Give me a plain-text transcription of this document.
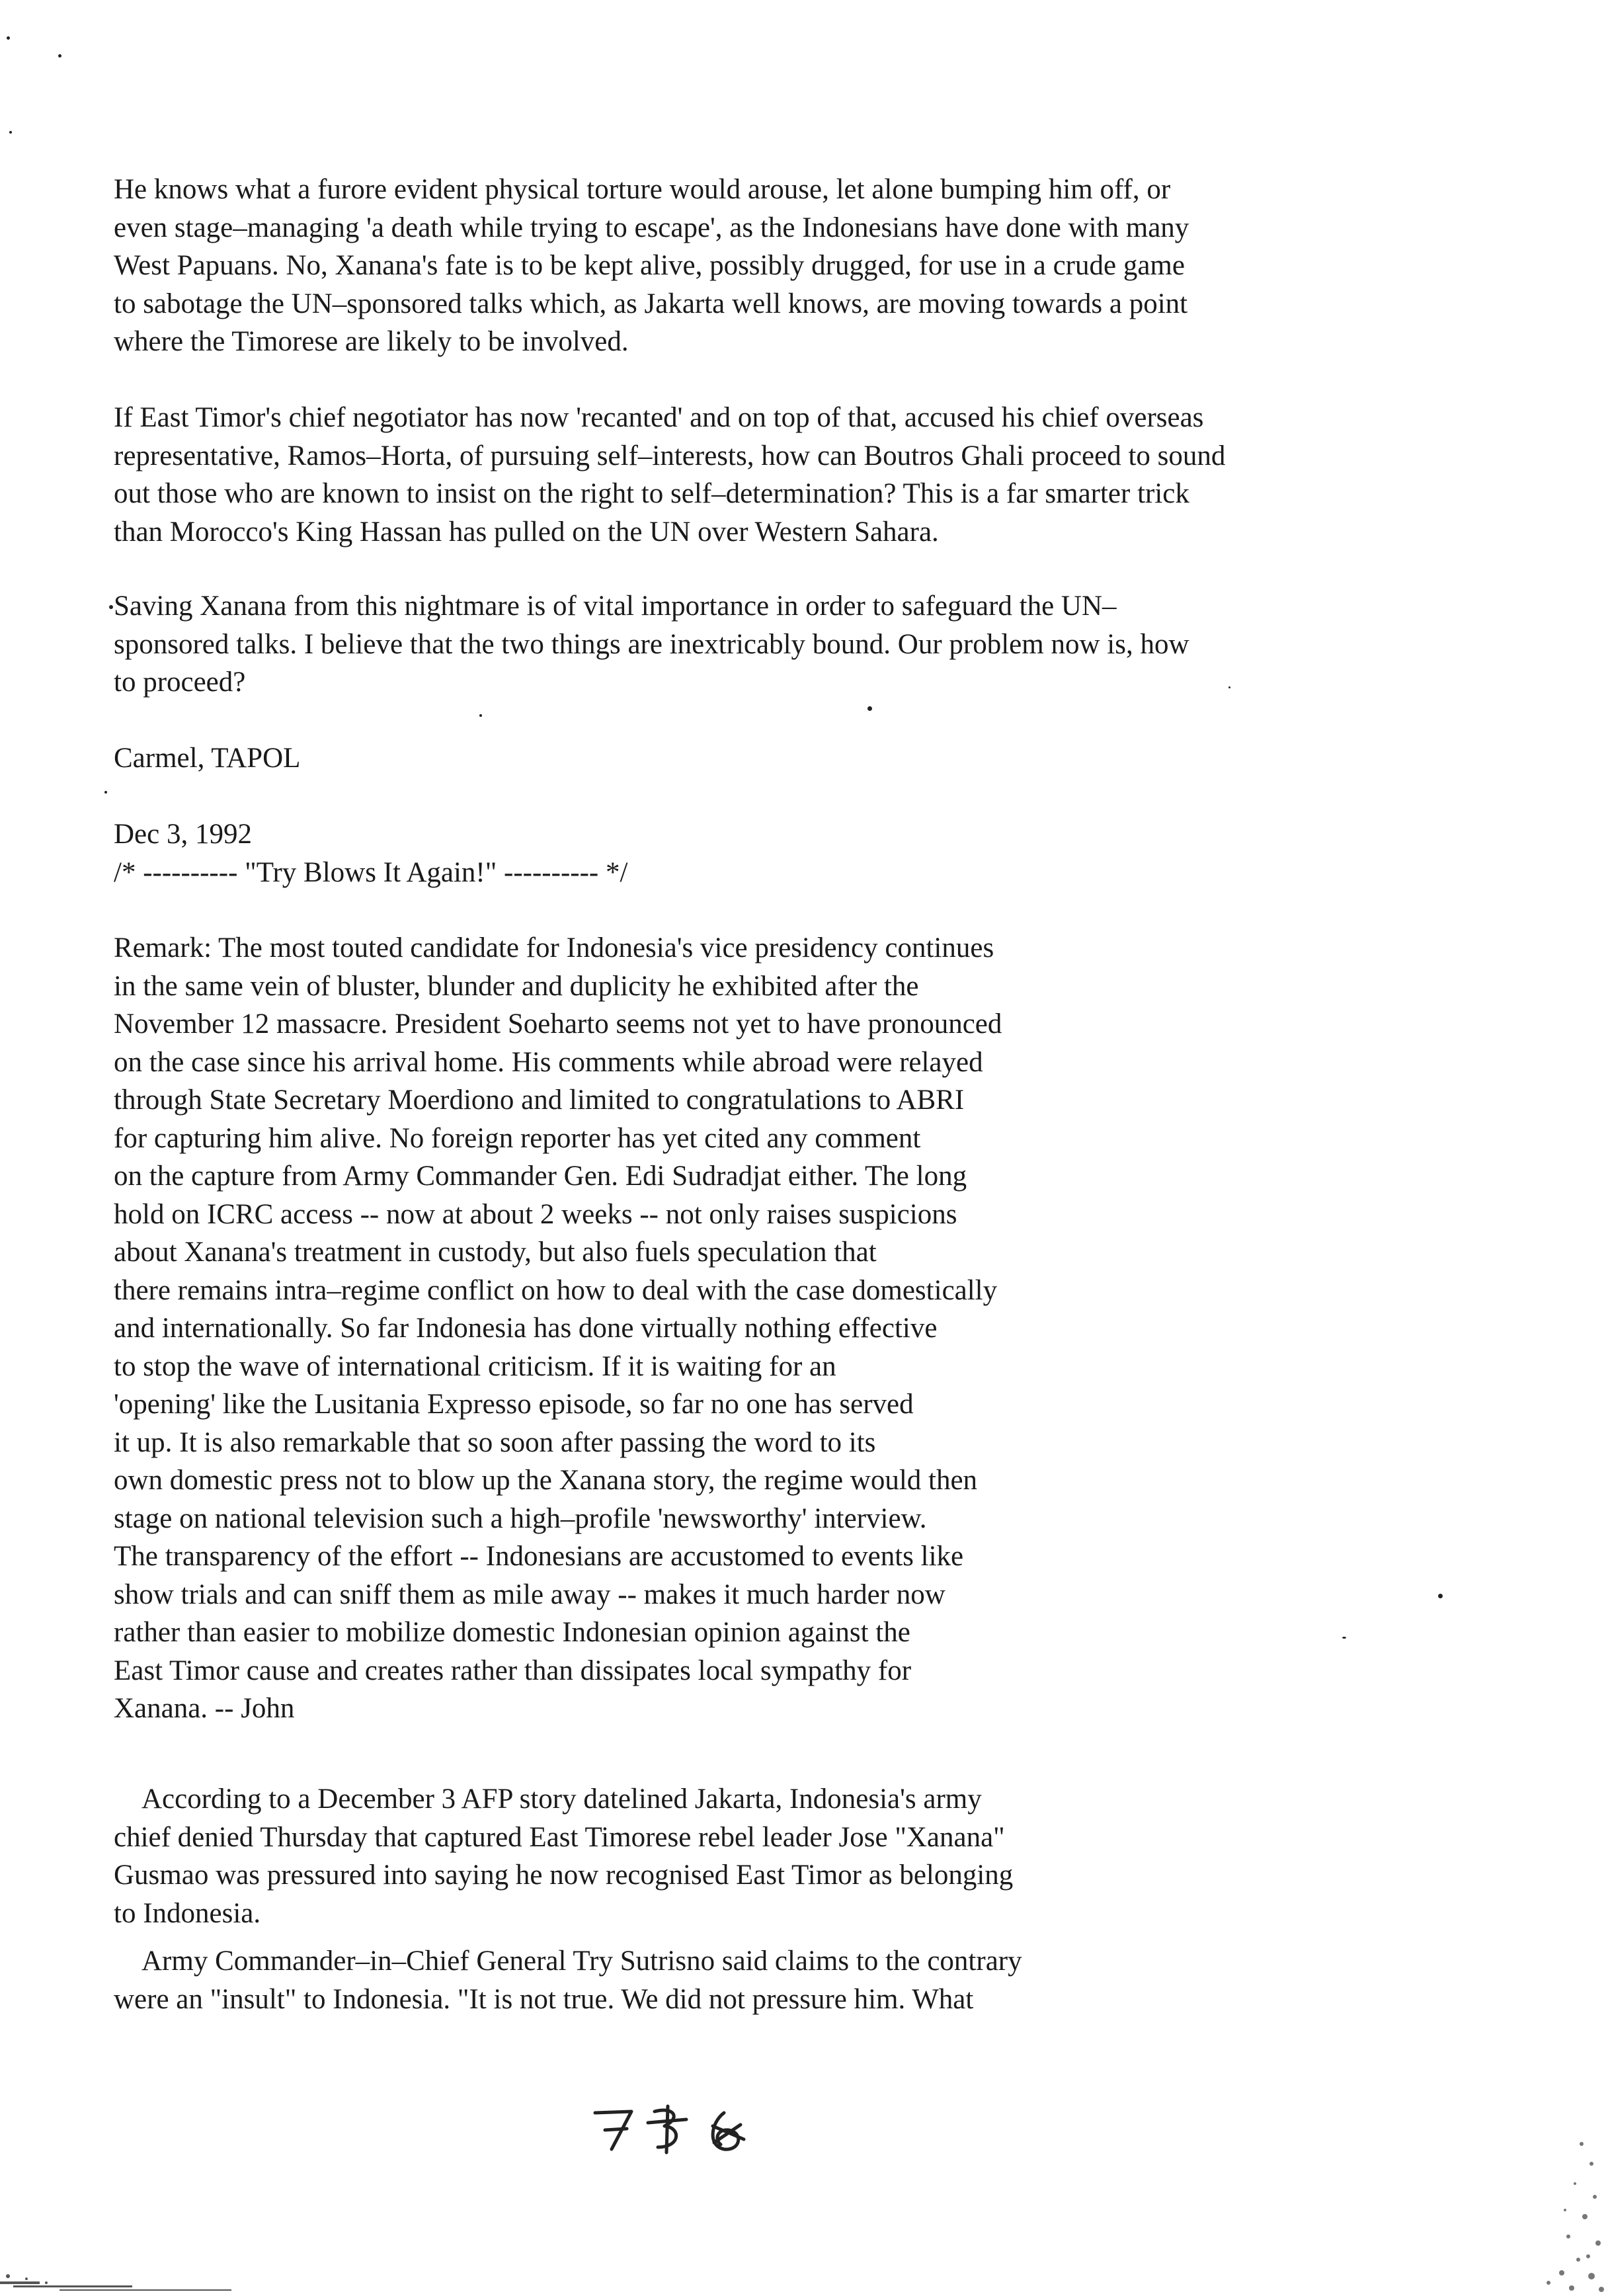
He knows what a furore evident physical torture would arouse, let alone bumping him off, or
even stage–managing 'a death while trying to escape', as the Indonesians have done with many
West Papuans. No, Xanana's fate is to be kept alive, possibly drugged, for use in a crude game
to sabotage the UN–sponsored talks which, as Jakarta well knows, are moving towards a point
where the Timorese are likely to be involved.
If East Timor's chief negotiator has now 'recanted' and on top of that, accused his chief overseas
representative, Ramos–Horta, of pursuing self–interests, how can Boutros Ghali proceed to sound
out those who are known to insist on the right to self–determination? This is a far smarter trick
than Morocco's King Hassan has pulled on the UN over Western Sahara.
Saving Xanana from this nightmare is of vital importance in order to safeguard the UN–
sponsored talks. I believe that the two things are inextricably bound. Our problem now is, how
to proceed?
Carmel, TAPOL
Dec 3, 1992
/* ---------- "Try Blows It Again!" ---------- */
Remark: The most touted candidate for Indonesia's vice presidency continues
in the same vein of bluster, blunder and duplicity he exhibited after the
November 12 massacre. President Soeharto seems not yet to have pronounced
on the case since his arrival home. His comments while abroad were relayed
through State Secretary Moerdiono and limited to congratulations to ABRI
for capturing him alive. No foreign reporter has yet cited any comment
on the capture from Army Commander Gen. Edi Sudradjat either. The long
hold on ICRC access -- now at about 2 weeks -- not only raises suspicions
about Xanana's treatment in custody, but also fuels speculation that
there remains intra–regime conflict on how to deal with the case domestically
and internationally. So far Indonesia has done virtually nothing effective
to stop the wave of international criticism. If it is waiting for an
'opening' like the Lusitania Expresso episode, so far no one has served
it up. It is also remarkable that so soon after passing the word to its
own domestic press not to blow up the Xanana story, the regime would then
stage on national television such a high–profile 'newsworthy' interview.
The transparency of the effort -- Indonesians are accustomed to events like
show trials and can sniff them as mile away -- makes it much harder now
rather than easier to mobilize domestic Indonesian opinion against the
East Timor cause and creates rather than dissipates local sympathy for
Xanana. -- John
According to a December 3 AFP story datelined Jakarta, Indonesia's army
chief denied Thursday that captured East Timorese rebel leader Jose "Xanana"
Gusmao was pressured into saying he now recognised East Timor as belonging
to Indonesia.
Army Commander–in–Chief General Try Sutrisno said claims to the contrary
were an "insult" to Indonesia. "It is not true. We did not pressure him. What
